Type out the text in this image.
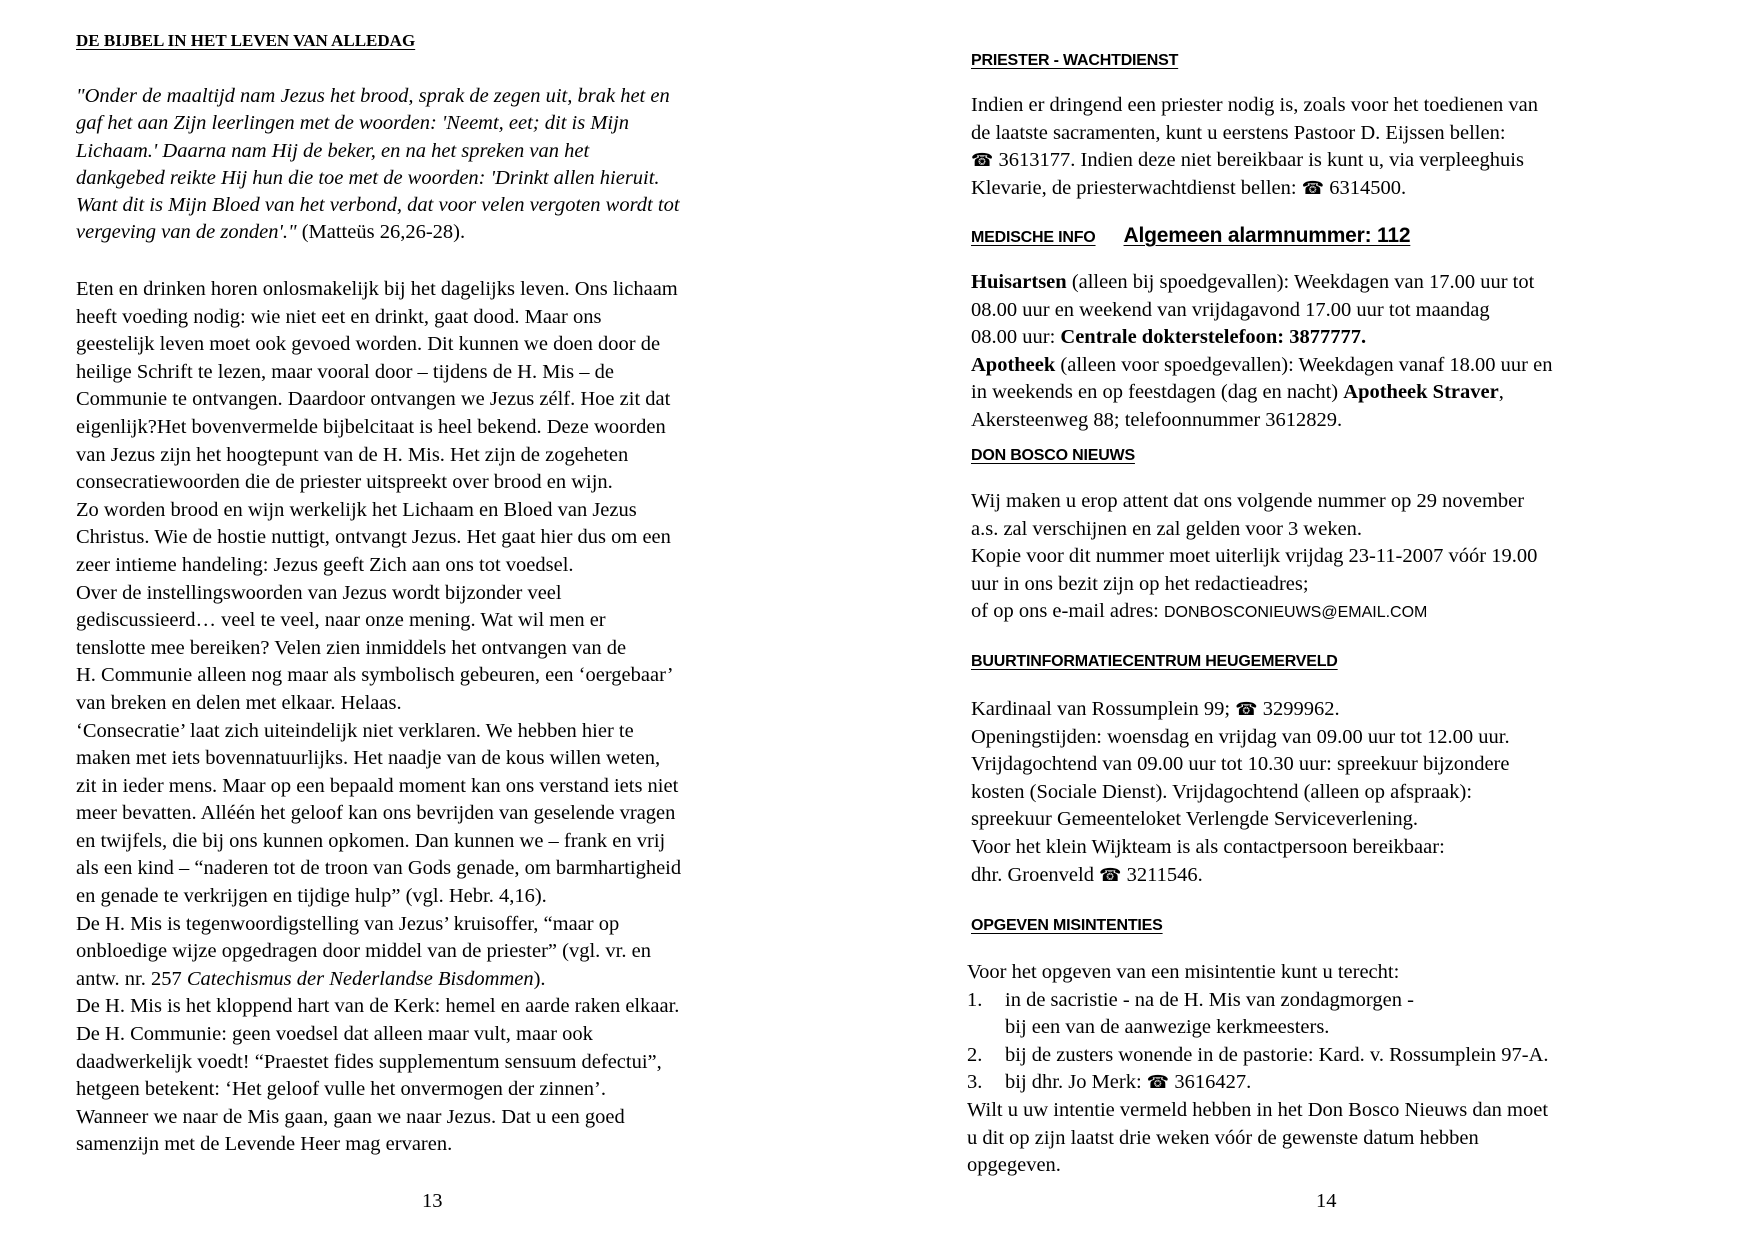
DE BIJBEL IN HET LEVEN VAN ALLEDAG
"Onder de maaltijd nam Jezus het brood, sprak de zegen uit, brak het en
gaf het aan Zijn leerlingen met de woorden: 'Neemt, eet; dit is Mijn
Lichaam.' Daarna nam Hij de beker, en na het spreken van het
dankgebed reikte Hij hun die toe met de woorden: 'Drinkt allen hieruit.
Want dit is Mijn Bloed van het verbond, dat voor velen vergoten wordt tot
vergeving van de zonden'." (Matteüs 26,26-28).
Eten en drinken horen onlosmakelijk bij het dagelijks leven. Ons lichaam
heeft voeding nodig: wie niet eet en drinkt, gaat dood. Maar ons
geestelijk leven moet ook gevoed worden. Dit kunnen we doen door de
heilige Schrift te lezen, maar vooral door – tijdens de H. Mis – de
Communie te ontvangen. Daardoor ontvangen we Jezus zélf. Hoe zit dat
eigenlijk?Het bovenvermelde bijbelcitaat is heel bekend. Deze woorden
van Jezus zijn het hoogtepunt van de H. Mis. Het zijn de zogeheten
consecratiewoorden die de priester uitspreekt over brood en wijn.
Zo worden brood en wijn werkelijk het Lichaam en Bloed van Jezus
Christus. Wie de hostie nuttigt, ontvangt Jezus. Het gaat hier dus om een
zeer intieme handeling: Jezus geeft Zich aan ons tot voedsel.
Over de instellingswoorden van Jezus wordt bijzonder veel
gediscussieerd… veel te veel, naar onze mening. Wat wil men er
tenslotte mee bereiken? Velen zien inmiddels het ontvangen van de
H. Communie alleen nog maar als symbolisch gebeuren, een ‘oergebaar’
van breken en delen met elkaar. Helaas.
‘Consecratie’ laat zich uiteindelijk niet verklaren. We hebben hier te
maken met iets bovennatuurlijks. Het naadje van de kous willen weten,
zit in ieder mens. Maar op een bepaald moment kan ons verstand iets niet
meer bevatten. Alléén het geloof kan ons bevrijden van geselende vragen
en twijfels, die bij ons kunnen opkomen. Dan kunnen we – frank en vrij
als een kind – “naderen tot de troon van Gods genade, om barmhartigheid
en genade te verkrijgen en tijdige hulp” (vgl. Hebr. 4,16).
De H. Mis is tegenwoordigstelling van Jezus’ kruisoffer, “maar op
onbloedige wijze opgedragen door middel van de priester” (vgl. vr. en
antw. nr. 257 Catechismus der Nederlandse Bisdommen).
De H. Mis is het kloppend hart van de Kerk: hemel en aarde raken elkaar.
De H. Communie: geen voedsel dat alleen maar vult, maar ook
daadwerkelijk voedt! “Praestet fides supplementum sensuum defectui”,
hetgeen betekent: ‘Het geloof vulle het onvermogen der zinnen’.
Wanneer we naar de Mis gaan, gaan we naar Jezus. Dat u een goed
samenzijn met de Levende Heer mag ervaren.
13
PRIESTER - WACHTDIENST
Indien er dringend een priester nodig is, zoals voor het toedienen van
de laatste sacramenten, kunt u eerstens Pastoor D. Eijssen bellen:
☎ 3613177. Indien deze niet bereikbaar is kunt u, via verpleeghuis
Klevarie, de priesterwachtdienst bellen: ☎ 6314500.
MEDISCHE INFO Algemeen alarmnummer: 112
Huisartsen (alleen bij spoedgevallen): Weekdagen van 17.00 uur tot
08.00 uur en weekend van vrijdagavond 17.00 uur tot maandag
08.00 uur: Centrale dokterstelefoon: 3877777.
Apotheek (alleen voor spoedgevallen): Weekdagen vanaf 18.00 uur en
in weekends en op feestdagen (dag en nacht) Apotheek Straver,
Akersteenweg 88; telefoonnummer 3612829.
DON BOSCO NIEUWS
Wij maken u erop attent dat ons volgende nummer op 29 november
a.s. zal verschijnen en zal gelden voor 3 weken.
Kopie voor dit nummer moet uiterlijk vrijdag 23-11-2007 vóór 19.00
uur in ons bezit zijn op het redactieadres;
of op ons e-mail adres: DONBOSCONIEUWS@EMAIL.COM
BUURTINFORMATIECENTRUM HEUGEMERVELD
Kardinaal van Rossumplein 99; ☎ 3299962.
Openingstijden: woensdag en vrijdag van 09.00 uur tot 12.00 uur.
Vrijdagochtend van 09.00 uur tot 10.30 uur: spreekuur bijzondere
kosten (Sociale Dienst). Vrijdagochtend (alleen op afspraak):
spreekuur Gemeenteloket Verlengde Serviceverlening.
Voor het klein Wijkteam is als contactpersoon bereikbaar:
dhr. Groenveld ☎ 3211546.
OPGEVEN MISINTENTIES
Voor het opgeven van een misintentie kunt u terecht:
1. in de sacristie - na de H. Mis van zondagmorgen -
bij een van de aanwezige kerkmeesters.
2. bij de zusters wonende in de pastorie: Kard. v. Rossumplein 97-A.
3. bij dhr. Jo Merk: ☎ 3616427.
Wilt u uw intentie vermeld hebben in het Don Bosco Nieuws dan moet
u dit op zijn laatst drie weken vóór de gewenste datum hebben
opgegeven.
14
